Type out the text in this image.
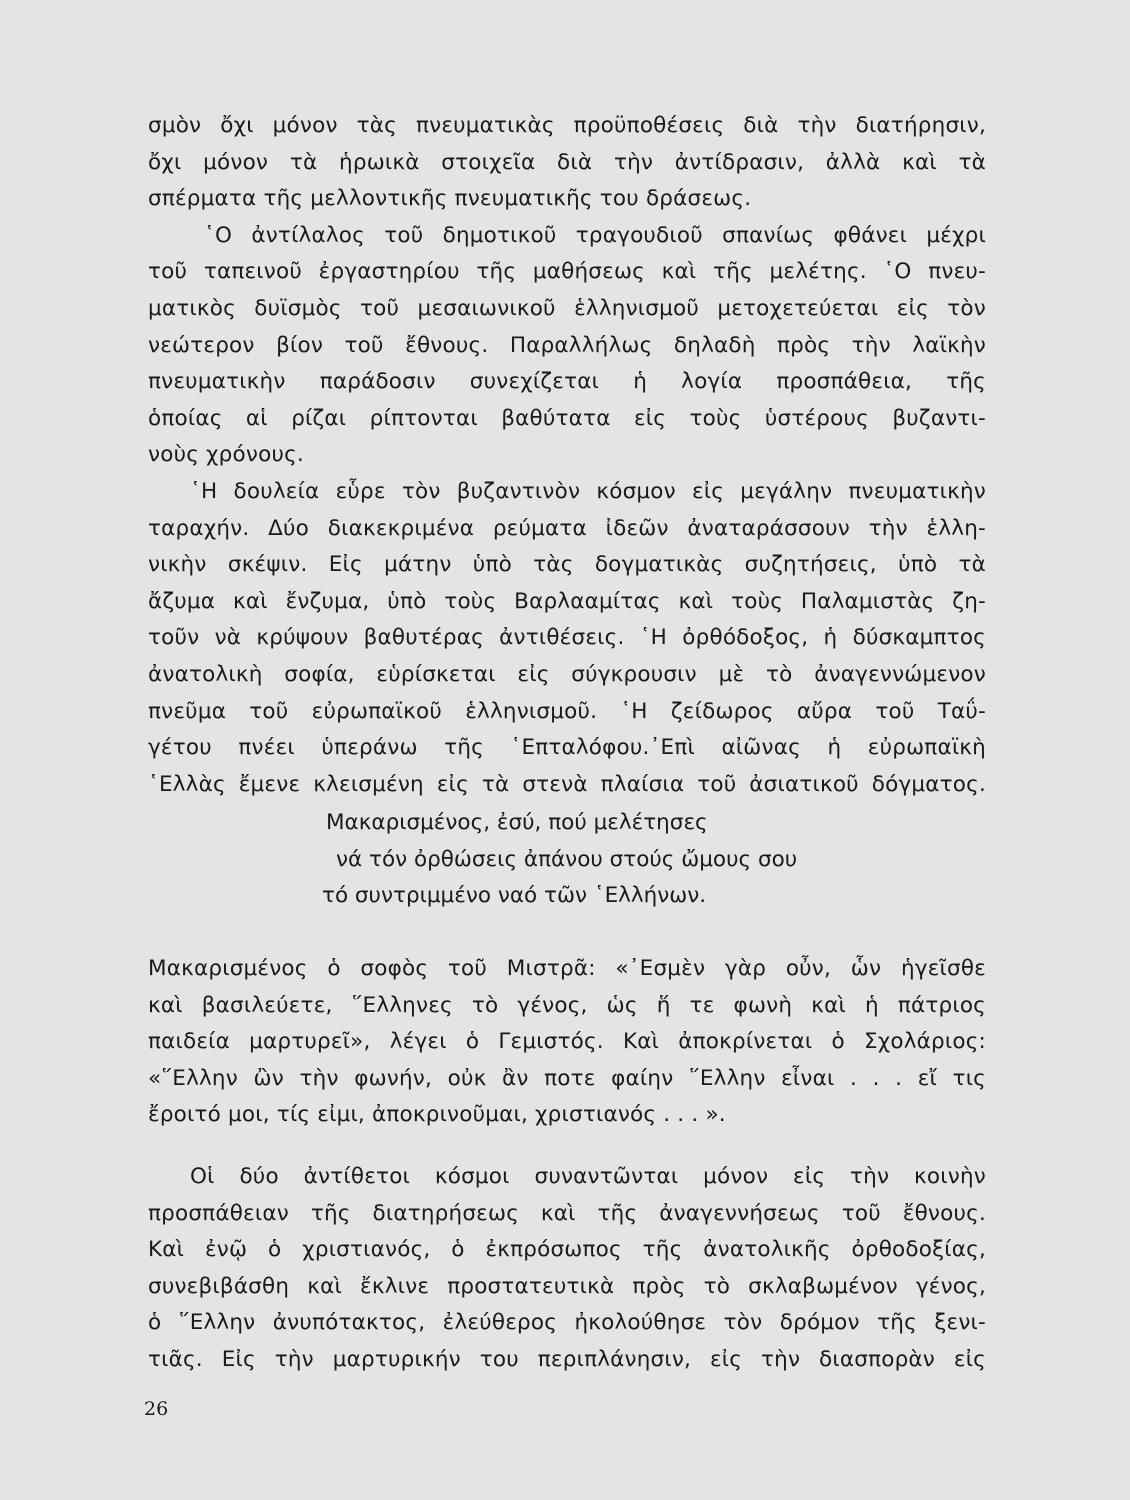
σμὸν ὄχι μόνον τὰς πνευματικὰς προϋποθέσεις διὰ τὴν διατήρησιν,
ὄχι μόνον τὰ ἡρωικὰ στοιχεῖα διὰ τὴν ἀντίδρασιν, ἀλλὰ καὶ τὰ
σπέρματα τῆς μελλοντικῆς πνευματικῆς του δράσεως.
῾Ο ἀντίλαλος τοῦ δημοτικοῦ τραγουδιοῦ σπανίως φθάνει μέχρι
τοῦ ταπεινοῦ ἐργαστηρίου τῆς μαθήσεως καὶ τῆς μελέτης. ῾Ο πνευ-
ματικὸς δυϊσμὸς τοῦ μεσαιωνικοῦ ἑλληνισμοῦ μετοχετεύεται εἰς τὸν
νεώτερον βίον τοῦ ἔθνους. Παραλλήλως δηλαδὴ πρὸς τὴν λαϊκὴν
πνευματικὴν παράδοσιν συνεχίζεται ἡ λογία προσπάθεια, τῆς
ὁποίας αἱ ρίζαι ρίπτονται βαθύτατα εἰς τοὺς ὑστέρους βυζαντι-
νοὺς χρόνους.
῾Η δουλεία εὗρε τὸν βυζαντινὸν κόσμον εἰς μεγάλην πνευματικὴν
ταραχήν. Δύο διακεκριμένα ρεύματα ἰδεῶν ἀναταράσσουν τὴν ἑλλη-
νικὴν σκέψιν. Εἰς μάτην ὑπὸ τὰς δογματικὰς συζητήσεις, ὑπὸ τὰ
ἄζυμα καὶ ἔνζυμα, ὑπὸ τοὺς Βαρλααμίτας καὶ τοὺς Παλαμιστὰς ζη-
τοῦν νὰ κρύψουν βαθυτέρας ἀντιθέσεις. ῾Η ὀρθόδοξος, ἡ δύσκαμπτος
ἀνατολικὴ σοφία, εὑρίσκεται εἰς σύγκρουσιν μὲ τὸ ἀναγεννώμενον
πνεῦμα τοῦ εὐρωπαϊκοῦ ἑλληνισμοῦ. ῾Η ζείδωρος αὔρα τοῦ Ταΰ-
γέτου πνέει ὑπεράνω τῆς ῾Επταλόφου.᾿Επὶ αἰῶνας ἡ εὐρωπαϊκὴ
῾Ελλὰς ἔμενε κλεισμένη εἰς τὰ στενὰ πλαίσια τοῦ ἀσιατικοῦ δόγματος.
Μακαρισμένος, ἐσύ, πού μελέτησες
νά τόν ὀρθώσεις ἀπάνου στούς ὤμους σου
τό συντριμμένο ναό τῶν ῾Ελλήνων.
Μακαρισμένος ὁ σοφὸς τοῦ Μιστρᾶ: «᾿Εσμὲν γὰρ οὖν, ὧν ἡγεῖσθε
καὶ βασιλεύετε, ῞Ελληνες τὸ γένος, ὡς ἥ τε φωνὴ καὶ ἡ πάτριος
παιδεία μαρτυρεῖ», λέγει ὁ Γεμιστός. Καὶ ἀποκρίνεται ὁ Σχολάριος:
«῞Ελλην ὢν τὴν φωνήν, οὐκ ἂν ποτε φαίην ῞Ελλην εἶναι . . . εἴ τις
ἔροιτό μοι, τίς εἰμι, ἀποκρινοῦμαι, χριστιανός . . . ».
Οἱ δύο ἀντίθετοι κόσμοι συναντῶνται μόνον εἰς τὴν κοινὴν
προσπάθειαν τῆς διατηρήσεως καὶ τῆς ἀναγεννήσεως τοῦ ἔθνους.
Καὶ ἐνῷ ὁ χριστιανός, ὁ ἐκπρόσωπος τῆς ἀνατολικῆς ὀρθοδοξίας,
συνεβιβάσθη καὶ ἔκλινε προστατευτικὰ πρὸς τὸ σκλαβωμένον γένος,
ὁ ῞Ελλην ἀνυπότακτος, ἐλεύθερος ἠκολούθησε τὸν δρόμον τῆς ξενι-
τιᾶς. Εἰς τὴν μαρτυρικήν του περιπλάνησιν, εἰς τὴν διασπορὰν εἰς
26
